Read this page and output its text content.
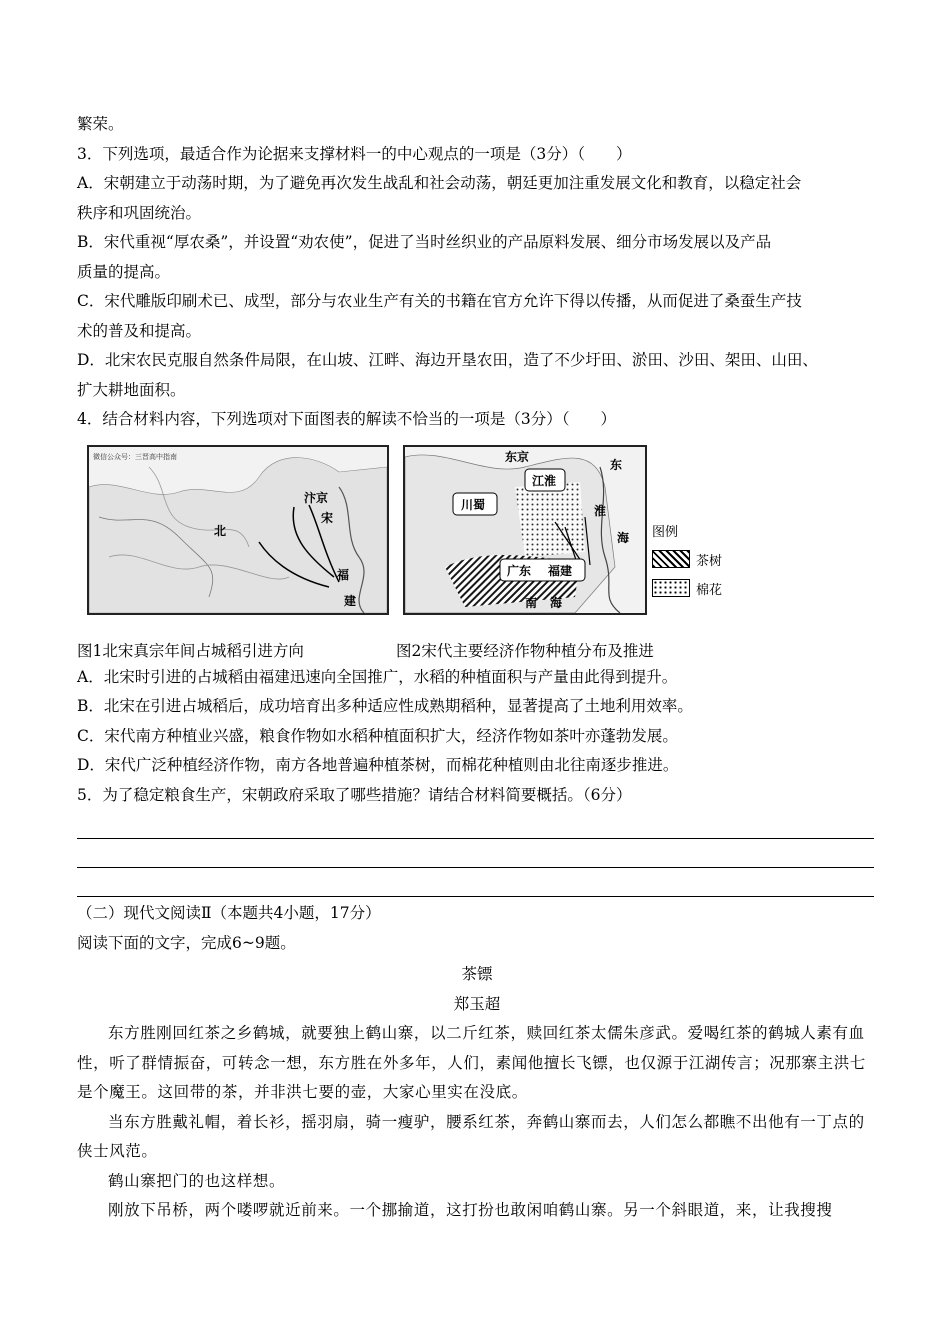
繁荣。

3．下列选项，最适合作为论据来支撑材料一的中心观点的一项是（3分）（　　）

A．宋朝建立于动荡时期，为了避免再次发生战乱和社会动荡，朝廷更加注重发展文化和教育，以稳定社会

秩序和巩固统治。

B．宋代重视“厚农桑”，并设置“劝农使”，促进了当时丝织业的产品原料发展、细分市场发展以及产品

质量的提高。

C．宋代雕版印刷术已、成型，部分与农业生产有关的书籍在官方允许下得以传播，从而促进了桑蚕生产技

术的普及和提高。

D．北宋农民克服自然条件局限，在山坡、江畔、海边开垦农田，造了不少圩田、淤田、沙田、架田、山田、

扩大耕地面积。

4．结合材料内容，下列选项对下面图表的解读不恰当的一项是（3分）（　　）

微信公众号：三晋高中指南
北
宋
福
建
汴京
东京
东
江淮
淮
川蜀
广东 福建
海
南 海
图例
茶树
棉花
图1北宋真宗年间占城稻引进方向	图2宋代主要经济作物种植分布及推进

A．北宋时引进的占城稻由福建迅速向全国推广，水稻的种植面积与产量由此得到提升。

B．北宋在引进占城稻后，成功培育出多种适应性成熟期稻种，显著提高了土地利用效率。

C．宋代南方种植业兴盛，粮食作物如水稻种植面积扩大，经济作物如茶叶亦蓬勃发展。

D．宋代广泛种植经济作物，南方各地普遍种植茶树，而棉花种植则由北往南逐步推进。

5．为了稳定粮食生产，宋朝政府采取了哪些措施？请结合材料简要概括。（6分）

（二）现代文阅读Ⅱ（本题共4小题，17分）

阅读下面的文字，完成6~9题。

茶镖

郑玉超

东方胜刚回红茶之乡鹤城，就要独上鹤山寨，以二斤红茶，赎回红茶太儒朱彦武。爱喝红茶的鹤城人素有血性，听了群情振奋，可转念一想，东方胜在外多年，人们，素闻他擅长飞镖，也仅源于江湖传言；况那寨主洪七是个魔王。这回带的茶，并非洪七要的壶，大家心里实在没底。

当东方胜戴礼帽，着长衫，摇羽扇，骑一瘦驴，腰系红茶，奔鹤山寨而去，人们怎么都瞧不出他有一丁点的侠士风范。

鹤山寨把门的也这样想。

刚放下吊桥，两个喽啰就近前来。一个挪揄道，这打扮也敢闲咱鹤山寨。另一个斜眼道，来，让我搜搜
